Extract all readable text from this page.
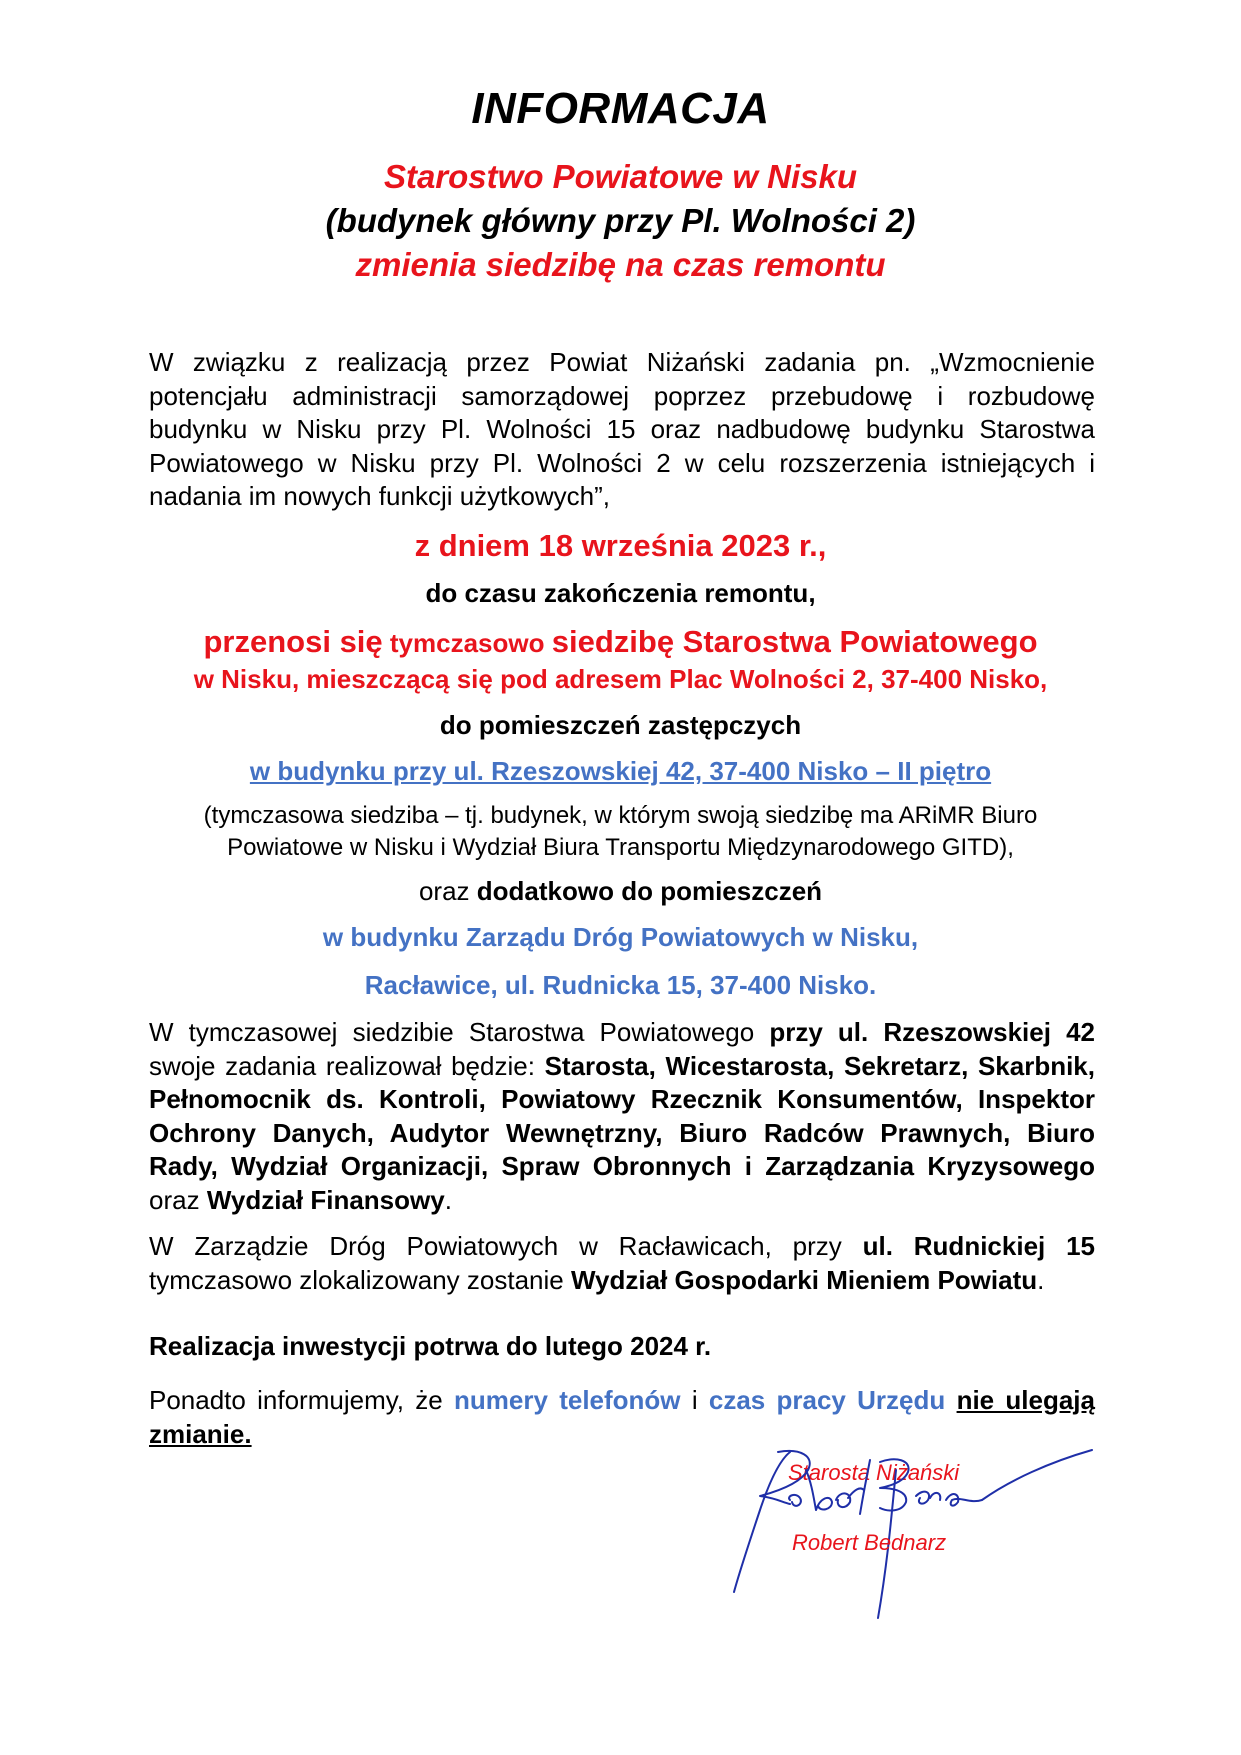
INFORMACJA
Starostwo Powiatowe w Nisku
(budynek główny przy Pl. Wolności 2)
zmienia siedzibę na czas remontu
W związku z realizacją przez Powiat Niżański zadania pn. „Wzmocnienie potencjału administracji samorządowej poprzez przebudowę i rozbudowę budynku w Nisku przy Pl. Wolności 15 oraz nadbudowę budynku Starostwa Powiatowego w Nisku przy Pl. Wolności 2 w celu rozszerzenia istniejących i nadania im nowych funkcji użytkowych”,
z dniem 18 września 2023 r.,
do czasu zakończenia remontu,
przenosi się tymczasowo siedzibę Starostwa Powiatowego
w Nisku, mieszczącą się pod adresem Plac Wolności 2, 37-400 Nisko,
do pomieszczeń zastępczych
w budynku przy ul. Rzeszowskiej 42, 37-400 Nisko – II piętro
(tymczasowa siedziba – tj. budynek, w którym swoją siedzibę ma ARiMR Biuro
Powiatowe w Nisku i Wydział Biura Transportu Międzynarodowego GITD),
oraz dodatkowo do pomieszczeń
w budynku Zarządu Dróg Powiatowych w Nisku,
Racławice, ul. Rudnicka 15, 37-400 Nisko.
W tymczasowej siedzibie Starostwa Powiatowego przy ul. Rzeszowskiej 42 swoje zadania realizował będzie: Starosta, Wicestarosta, Sekretarz, Skarbnik, Pełnomocnik ds. Kontroli, Powiatowy Rzecznik Konsumentów, Inspektor Ochrony Danych, Audytor Wewnętrzny, Biuro Radców Prawnych, Biuro Rady, Wydział Organizacji, Spraw Obronnych i Zarządzania Kryzysowego oraz Wydział Finansowy.
W Zarządzie Dróg Powiatowych w Racławicach, przy ul. Rudnickiej 15 tymczasowo zlokalizowany zostanie Wydział Gospodarki Mieniem Powiatu.
Realizacja inwestycji potrwa do lutego 2024 r.
Ponadto informujemy, że numery telefonów i czas pracy Urzędu nie ulegają zmianie.
Starosta Niżański
Robert Bednarz
